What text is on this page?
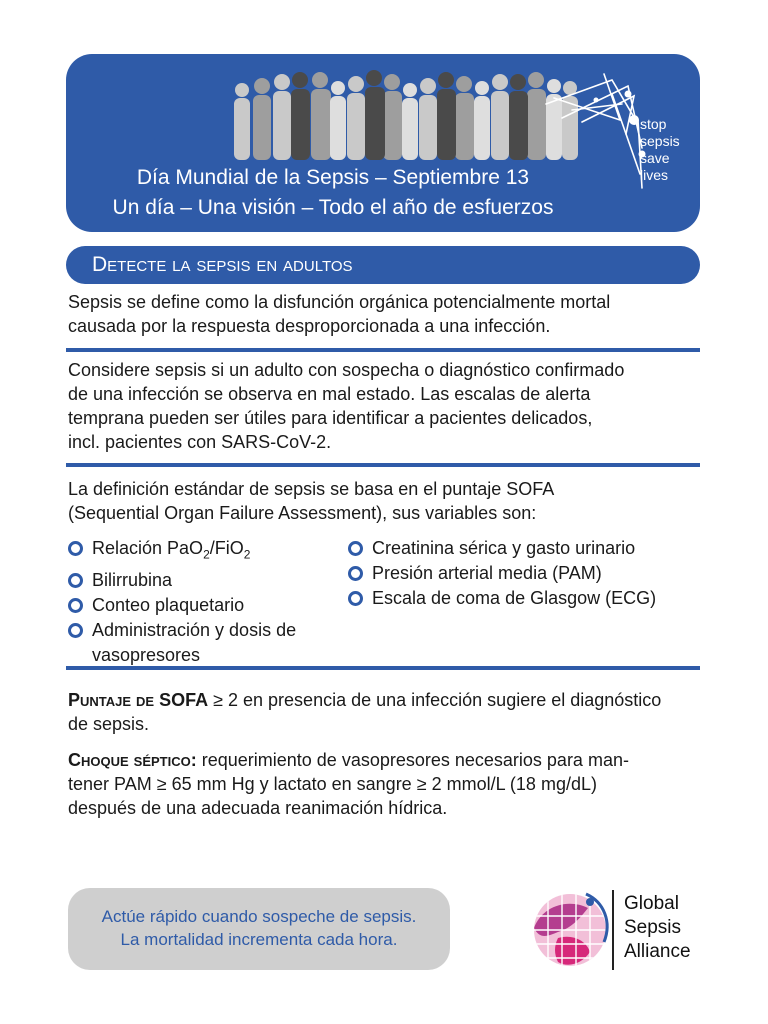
Día Mundial de la Sepsis – Septiembre 13
Un día – Una visión – Todo el año de esfuerzos
stop
sepsis
save
lives
Detecte la sepsis en adultos
Sepsis se define como la disfunción orgánica potencialmente mortal
causada por la respuesta desproporcionada a una infección.
Considere sepsis si un adulto con sospecha o diagnóstico confirmado
de una infección se observa en mal estado. Las escalas de alerta
temprana pueden ser útiles para identificar a pacientes delicados,
incl. pacientes con SARS-CoV-2.
La definición estándar de sepsis se basa en el puntaje SOFA
(Sequential Organ Failure Assessment), sus variables son:
Relación PaO$_2$/FiO$_2$
Bilirrubina
Conteo plaquetario
Administración y dosis de
vasopresores
Creatinina sérica y gasto urinario
Presión arterial media (PAM)
Escala de coma de Glasgow (ECG)
Puntaje de SOFA ≥ 2 en presencia de una infección sugiere el diagnóstico
de sepsis.
Choque séptico: requerimiento de vasopresores necesarios para man-
tener PAM ≥ 65 mm Hg y lactato en sangre ≥ 2 mmol/L (18 mg/dL)
después de una adecuada reanimación hídrica.
Actúe rápido cuando sospeche de sepsis.
La mortalidad incrementa cada hora.
Global
Sepsis
Alliance
